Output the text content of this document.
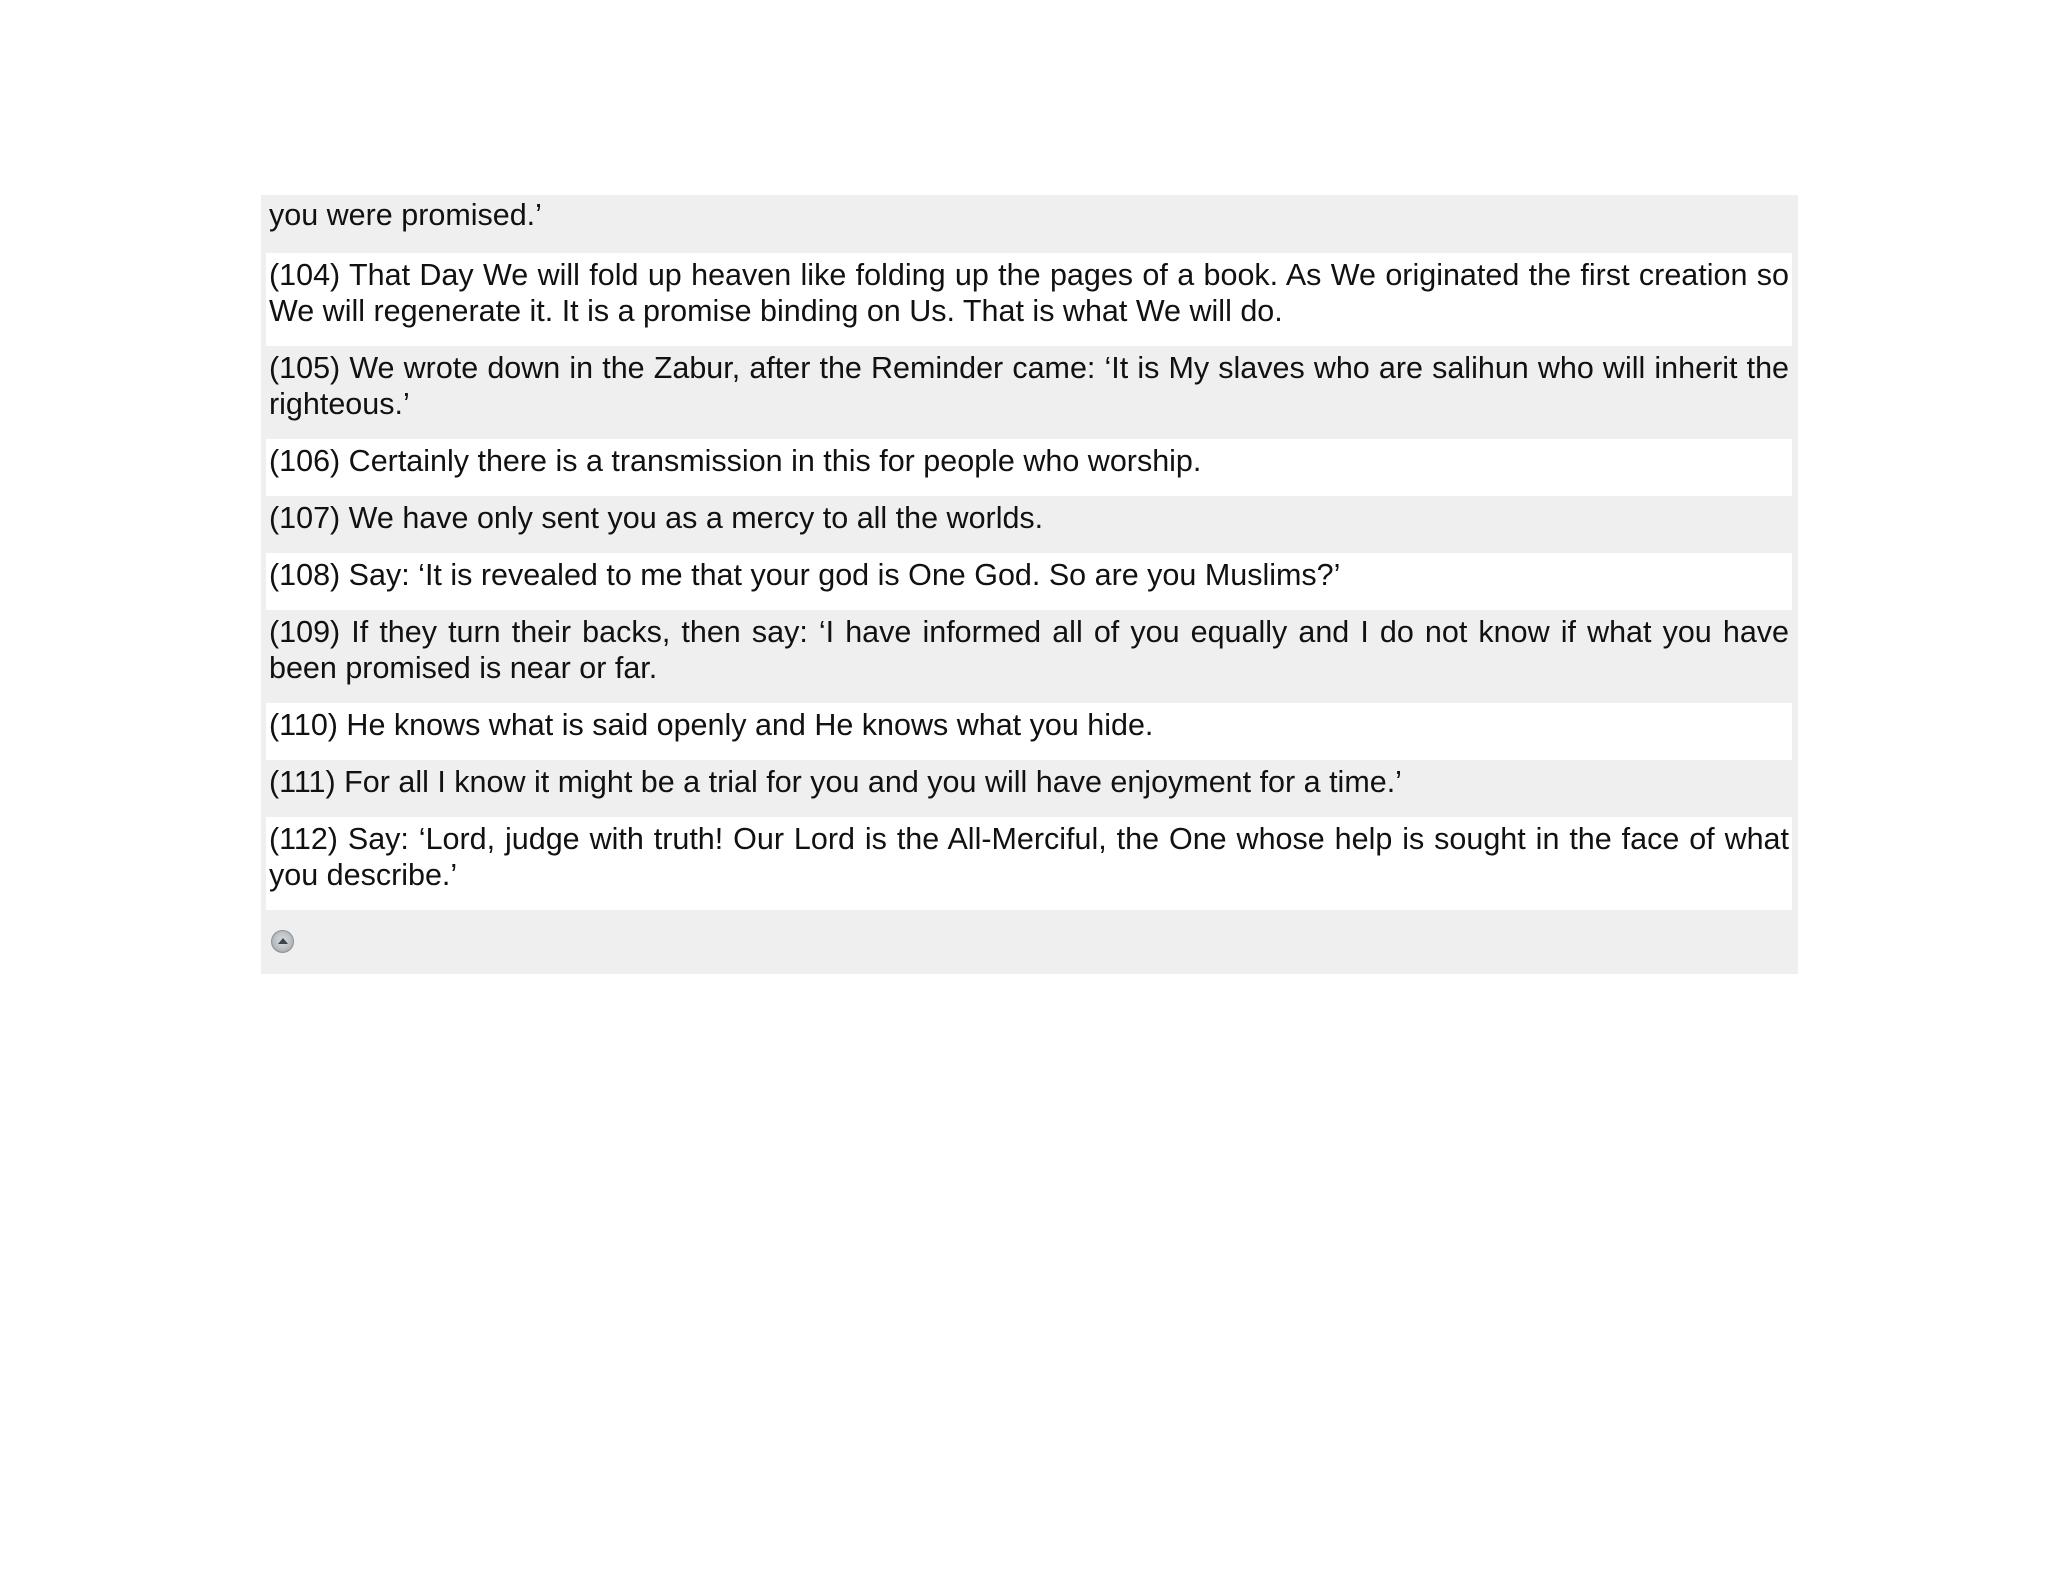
you were promised.’
(104) That Day We will fold up heaven like folding up the pages of a book. As We originated the first creation so We will regenerate it. It is a promise binding on Us. That is what We will do.
(105) We wrote down in the Zabur, after the Reminder came: ‘It is My slaves who are salihun who will inherit the righteous.’
(106) Certainly there is a transmission in this for people who worship.
(107) We have only sent you as a mercy to all the worlds.
(108) Say: ‘It is revealed to me that your god is One God. So are you Muslims?’
(109) If they turn their backs, then say: ‘I have informed all of you equally and I do not know if what you have been promised is near or far.
(110) He knows what is said openly and He knows what you hide.
(111) For all I know it might be a trial for you and you will have enjoyment for a time.’
(112) Say: ‘Lord, judge with truth! Our Lord is the All-Merciful, the One whose help is sought in the face of what you describe.’
